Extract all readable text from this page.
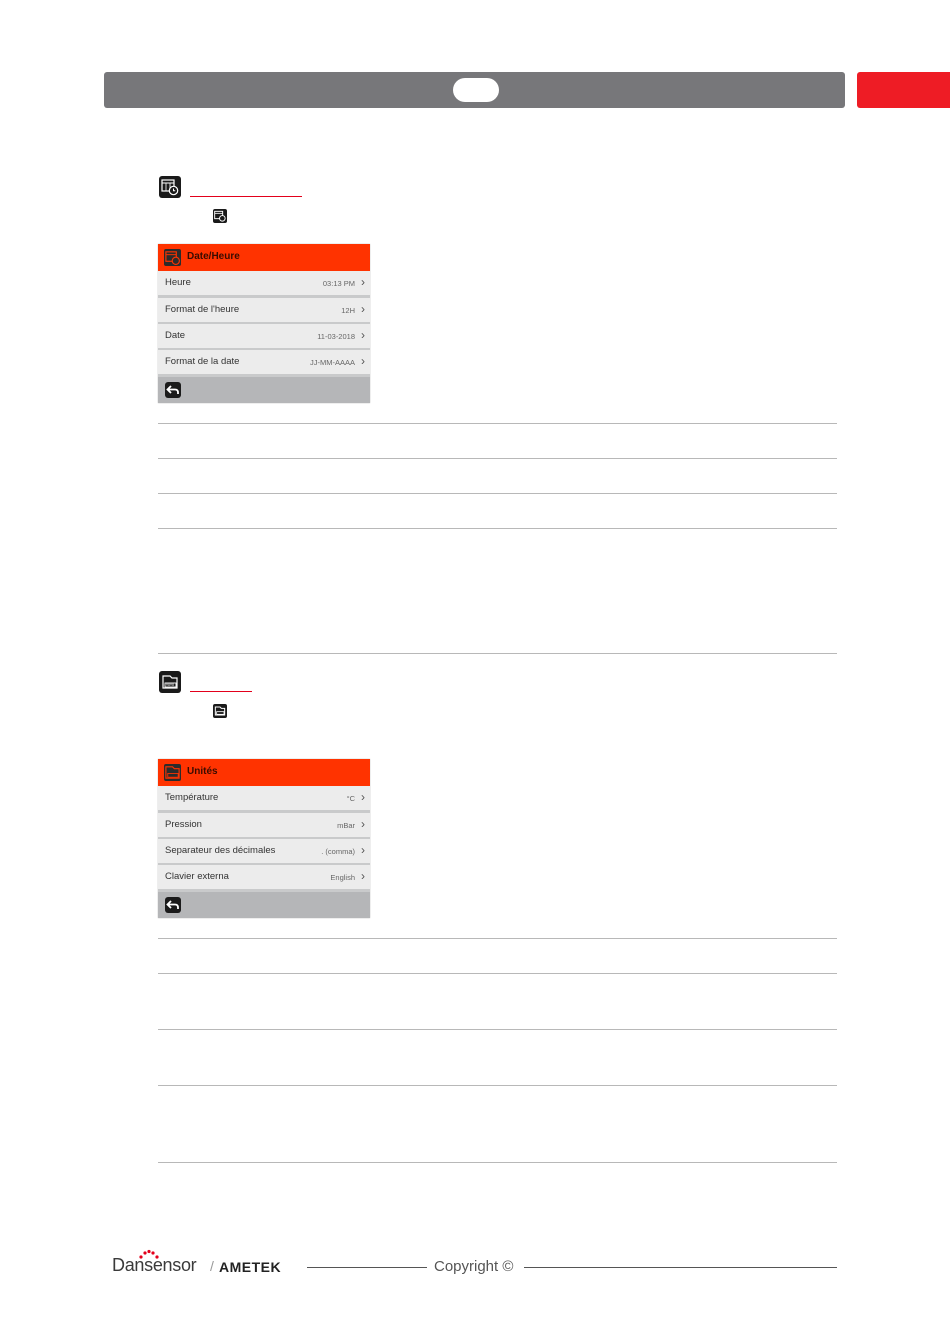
Date/Heure
Heure	03:13 PM ›
Format de l'heure	12H ›
Date	11-03-2018 ›
Format de la date	JJ-MM-AAAA ›
Unités
Température	°C ›
Pression	mBar ›
Separateur des décimales	. (comma) ›
Clavier externa	English ›
Dansensor / AMETEK	Copyright ©
